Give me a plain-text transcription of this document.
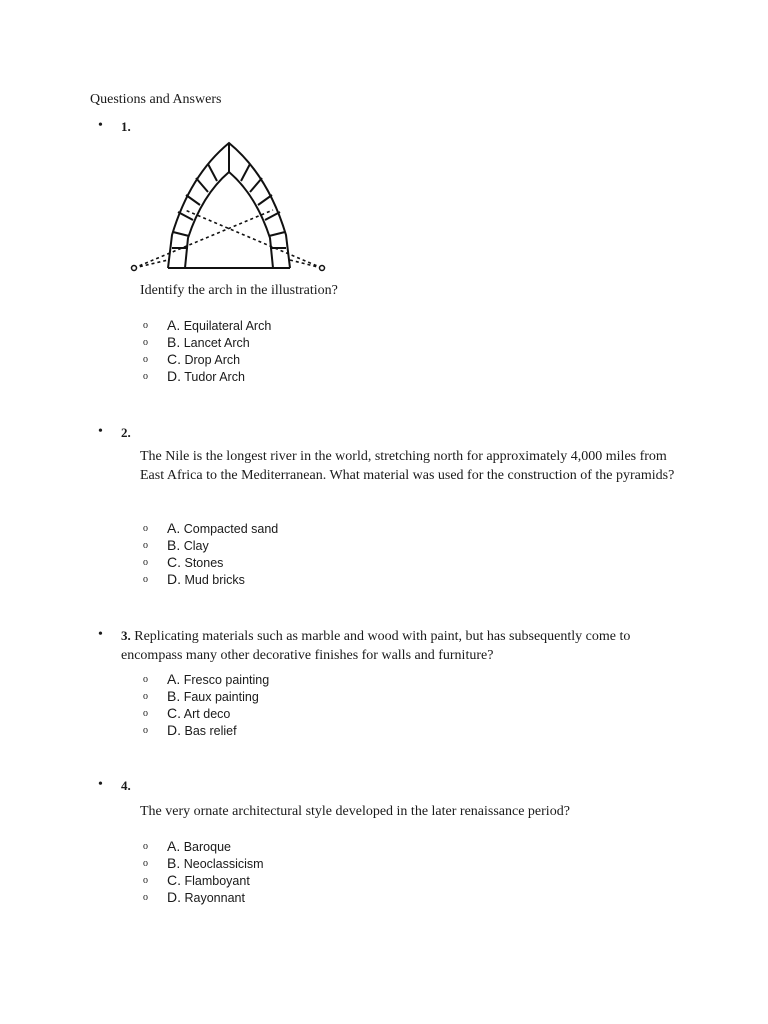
Questions and Answers
• 1.
Identify the arch in the illustration?
o A. Equilateral Arch
o B. Lancet Arch
o C. Drop Arch
o D. Tudor Arch
• 2.
The Nile is the longest river in the world, stretching north for approximately 4,000 miles from East Africa to the Mediterranean. What material was used for the construction of the pyramids?
o A. Compacted sand
o B. Clay
o C. Stones
o D. Mud bricks
• 3. Replicating materials such as marble and wood with paint, but has subsequently come to encompass many other decorative finishes for walls and furniture?
o A. Fresco painting
o B. Faux painting
o C. Art deco
o D. Bas relief
• 4.
The very ornate architectural style developed in the later renaissance period?
o A. Baroque
o B. Neoclassicism
o C. Flamboyant
o D. Rayonnant
